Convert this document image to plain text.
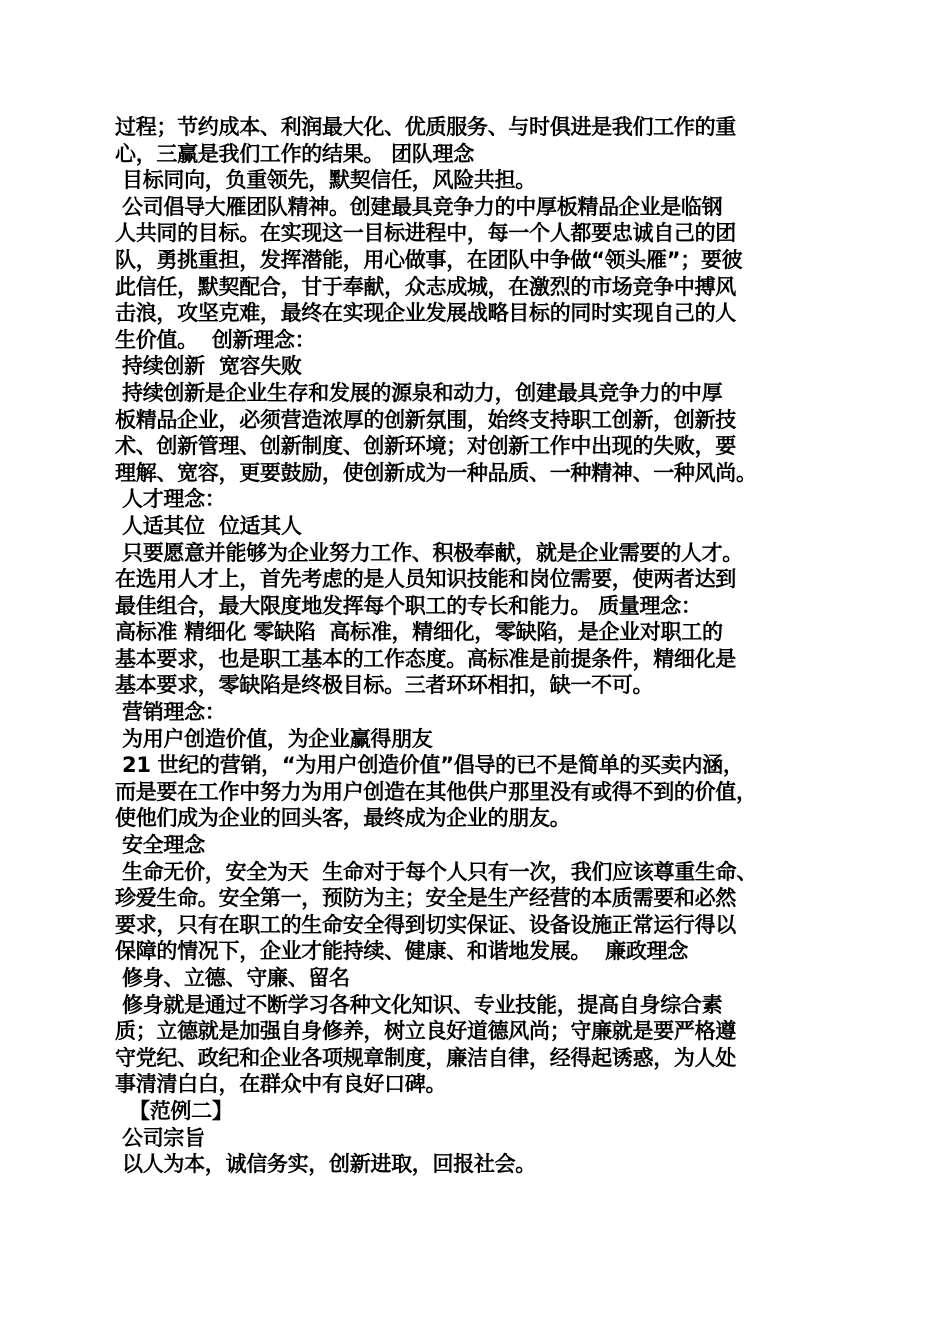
过程；节约成本、利润最大化、优质服务、与时俱进是我们工作的重
心，三赢是我们工作的结果。 团队理念
目标同向，负重领先，默契信任，风险共担。
公司倡导大雁团队精神。创建最具竞争力的中厚板精品企业是临钢
人共同的目标。在实现这一目标进程中，每一个人都要忠诚自己的团
队，勇挑重担，发挥潜能，用心做事，在团队中争做“领头雁”；要彼
此信任，默契配合，甘于奉献，众志成城，在激烈的市场竞争中搏风
击浪，攻坚克难，最终在实现企业发展战略目标的同时实现自己的人
生价值。  创新理念：
持续创新  宽容失败
持续创新是企业生存和发展的源泉和动力，创建最具竞争力的中厚
板精品企业，必须营造浓厚的创新氛围，始终支持职工创新，创新技
术、创新管理、创新制度、创新环境；对创新工作中出现的失败，要
理解、宽容，更要鼓励，使创新成为一种品质、一种精神、一种风尚。
人才理念：
人适其位  位适其人
只要愿意并能够为企业努力工作、积极奉献，就是企业需要的人才。
在选用人才上，首先考虑的是人员知识技能和岗位需要，使两者达到
最佳组合，最大限度地发挥每个职工的专长和能力。 质量理念：
高标准 精细化 零缺陷  高标准，精细化，零缺陷，是企业对职工的
基本要求，也是职工基本的工作态度。高标准是前提条件，精细化是
基本要求，零缺陷是终极目标。三者环环相扣，缺一不可。
营销理念：
为用户创造价值，为企业赢得朋友
21 世纪的营销，“为用户创造价值”倡导的已不是简单的买卖内涵，
而是要在工作中努力为用户创造在其他供户那里没有或得不到的价值，
使他们成为企业的回头客，最终成为企业的朋友。
安全理念
生命无价，安全为天  生命对于每个人只有一次，我们应该尊重生命、
珍爱生命。安全第一，预防为主；安全是生产经营的本质需要和必然
要求，只有在职工的生命安全得到切实保证、设备设施正常运行得以
保障的情况下，企业才能持续、健康、和谐地发展。  廉政理念
修身、立德、守廉、留名
修身就是通过不断学习各种文化知识、专业技能，提高自身综合素
质；立德就是加强自身修养，树立良好道德风尚；守廉就是要严格遵
守党纪、政纪和企业各项规章制度，廉洁自律，经得起诱惑，为人处
事清清白白，在群众中有良好口碑。
【范例二】
公司宗旨
以人为本，诚信务实，创新进取，回报社会。
